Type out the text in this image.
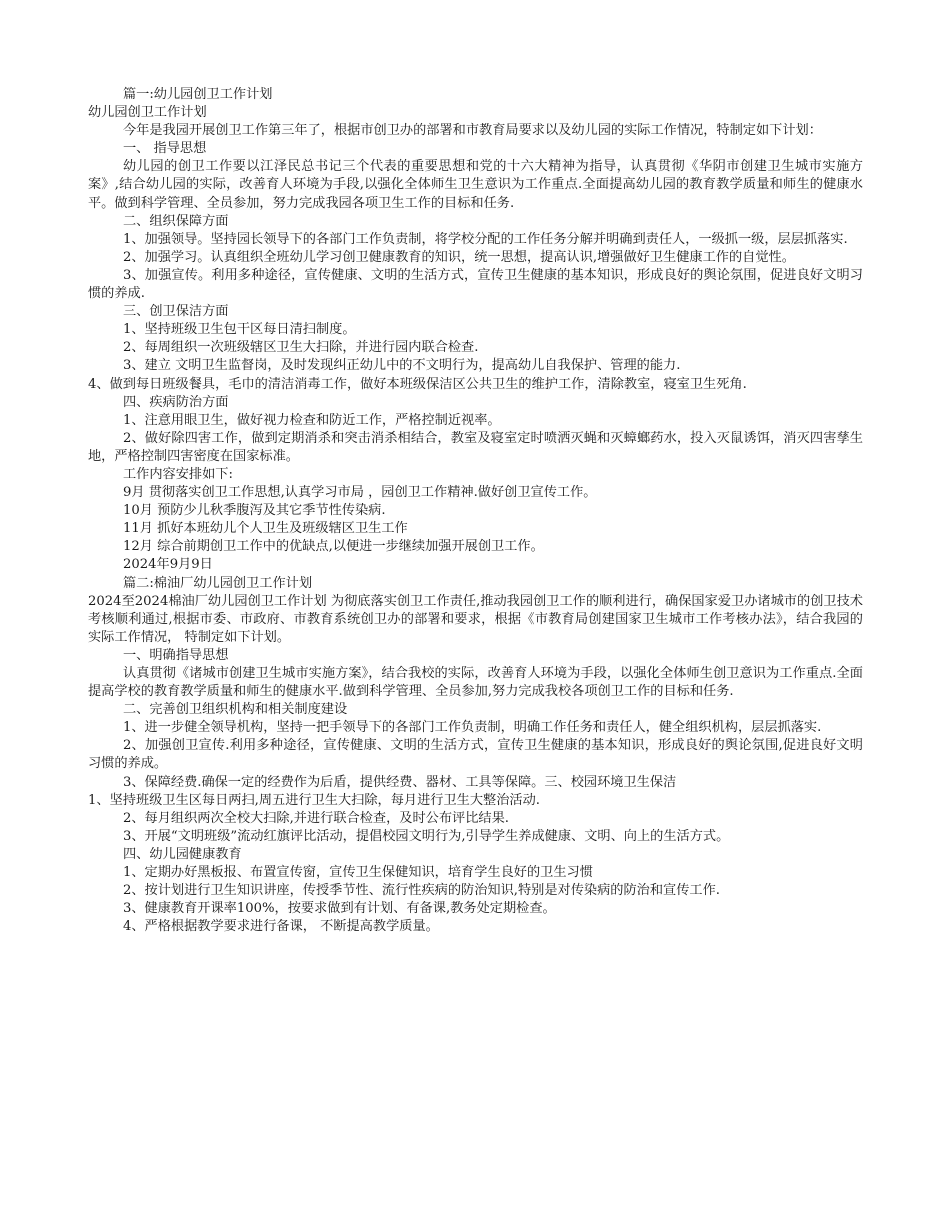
篇一:幼儿园创卫工作计划

幼儿园创卫工作计划

今年是我园开展创卫工作第三年了，根据市创卫办的部署和市教育局要求以及幼儿园的实际工作情况，特制定如下计划：

一、 指导思想

幼儿园的创卫工作要以江泽民总书记三个代表的重要思想和党的十六大精神为指导，认真贯彻《华阴市创建卫生城市实施方案》,结合幼儿园的实际，改善育人环境为手段,以强化全体师生卫生意识为工作重点.全面提高幼儿园的教育教学质量和师生的健康水平。做到科学管理、全员参加，努力完成我园各项卫生工作的目标和任务.

二、组织保障方面

1、加强领导。坚持园长领导下的各部门工作负责制，将学校分配的工作任务分解并明确到责任人，一级抓一级，层层抓落实.

2、加强学习。认真组织全班幼儿学习创卫健康教育的知识，统一思想，提高认识,增强做好卫生健康工作的自觉性。

3、加强宣传。利用多种途径，宣传健康、文明的生活方式，宣传卫生健康的基本知识，形成良好的舆论氛围，促进良好文明习惯的养成.

三、创卫保洁方面

1、坚持班级卫生包干区每日清扫制度。

2、每周组织一次班级辖区卫生大扫除，并进行园内联合检查.

3、建立 文明卫生监督岗，及时发现纠正幼儿中的不文明行为，提高幼儿自我保护、管理的能力.

4、做到每日班级餐具，毛巾的清洁消毒工作，做好本班级保洁区公共卫生的维护工作，清除教室，寝室卫生死角.

四、疾病防治方面

1、注意用眼卫生，做好视力检查和防近工作，严格控制近视率。

2、做好除四害工作，做到定期消杀和突击消杀相结合，教室及寝室定时喷洒灭蝇和灭蟑螂药水，投入灭鼠诱饵，消灭四害孳生地，严格控制四害密度在国家标准。

工作内容安排如下:

9月 贯彻落实创卫工作思想,认真学习市局 ，园创卫工作精神.做好创卫宣传工作。

10月 预防少儿秋季腹泻及其它季节性传染病.

11月 抓好本班幼儿个人卫生及班级辖区卫生工作

12月 综合前期创卫工作中的优缺点,以便进一步继续加强开展创卫工作。

2024年9月9日

篇二:棉油厂幼儿园创卫工作计划

2024至2024棉油厂幼儿园创卫工作计划 为彻底落实创卫工作责任,推动我园创卫工作的顺利进行，确保国家爱卫办诸城市的创卫技术考核顺利通过,根据市委、市政府、市教育系统创卫办的部署和要求，根据《市教育局创建国家卫生城市工作考核办法》，结合我园的实际工作情况， 特制定如下计划。

一、明确指导思想

认真贯彻《诸城市创建卫生城市实施方案》，结合我校的实际，改善育人环境为手段，以强化全体师生创卫意识为工作重点.全面提高学校的教育教学质量和师生的健康水平.做到科学管理、全员参加,努力完成我校各项创卫工作的目标和任务.

二、完善创卫组织机构和相关制度建设

1、进一步健全领导机构，坚持一把手领导下的各部门工作负责制，明确工作任务和责任人，健全组织机构，层层抓落实.

2、加强创卫宣传.利用多种途径，宣传健康、文明的生活方式，宣传卫生健康的基本知识，形成良好的舆论氛围,促进良好文明习惯的养成。

3、保障经费.确保一定的经费作为后盾，提供经费、器材、工具等保障。三、校园环境卫生保洁

1、坚持班级卫生区每日两扫,周五进行卫生大扫除，每月进行卫生大整治活动.

2、每月组织两次全校大扫除,并进行联合检查，及时公布评比结果.

3、开展“文明班级”流动红旗评比活动，提倡校园文明行为,引导学生养成健康、文明、向上的生活方式。

四、幼儿园健康教育

1、定期办好黑板报、布置宣传窗，宣传卫生保健知识，培育学生良好的卫生习惯

2、按计划进行卫生知识讲座，传授季节性、流行性疾病的防治知识,特别是对传染病的防治和宣传工作.

3、健康教育开课率100%，按要求做到有计划、有备课,教务处定期检查。

4、严格根据教学要求进行备课， 不断提高教学质量。
